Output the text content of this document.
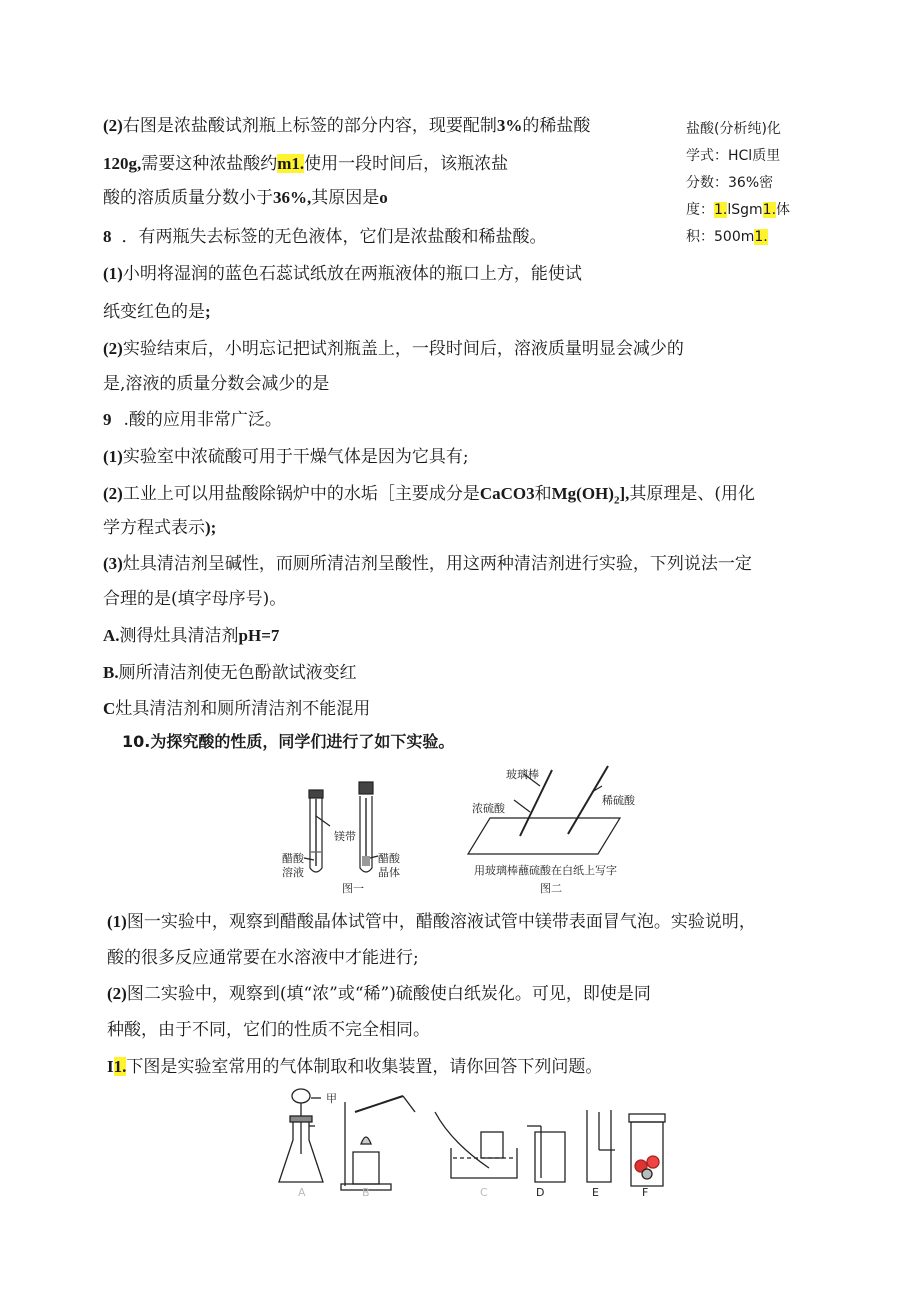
(2)右图是浓盐酸试剂瓶上标签的部分内容，现要配制3%的稀盐酸
120g,需要这种浓盐酸约m1.使用一段时间后，该瓶浓盐
酸的溶质质量分数小于36%,其原因是o
盐酸(分析纯)化
学式：HCl质里
分数：36%密
度：1.lSgm1.体
积：500m1.
8 ．有两瓶失去标签的无色液体，它们是浓盐酸和稀盐酸。
(1)小明将湿润的蓝色石蕊试纸放在两瓶液体的瓶口上方，能使试
纸变红色的是;
(2)实验结束后，小明忘记把试剂瓶盖上，一段时间后，溶液质量明显会减少的
是,溶液的质量分数会减少的是
9 .酸的应用非常广泛。
(1)实验室中浓硫酸可用于干燥气体是因为它具有;
(2)工业上可以用盐酸除锅炉中的水垢［主要成分是CaCO3和$Mg(OH)_2$],其原理是、(用化
学方程式表示);
(3)灶具清洁剂呈碱性，而厕所清洁剂呈酸性，用这两种清洁剂进行实验，下列说法一定
合理的是(填字母序号)。
A.测得灶具清洁剂pH=7
B.厕所清洁剂使无色酚歆试液变红
C灶具清洁剂和厕所清洁剂不能混用
10.为探究酸的性质，同学们进行了如下实验。
镁带
醋酸
溶液
醋酸
晶体
图一
玻璃棒
浓硫酸
稀硫酸
用玻璃棒蘸硫酸在白纸上写字
图二
(1)图一实验中，观察到醋酸晶体试管中，醋酸溶液试管中镁带表面冒气泡。实验说明，
酸的很多反应通常要在水溶液中才能进行;
(2)图二实验中，观察到(填“浓”或“稀”)硫酸使白纸炭化。可见，即使是同
种酸，由于不同，它们的性质不完全相同。
I1.下图是实验室常用的气体制取和收集装置，请你回答下列问题。
甲
A	B	C	D	E	F
